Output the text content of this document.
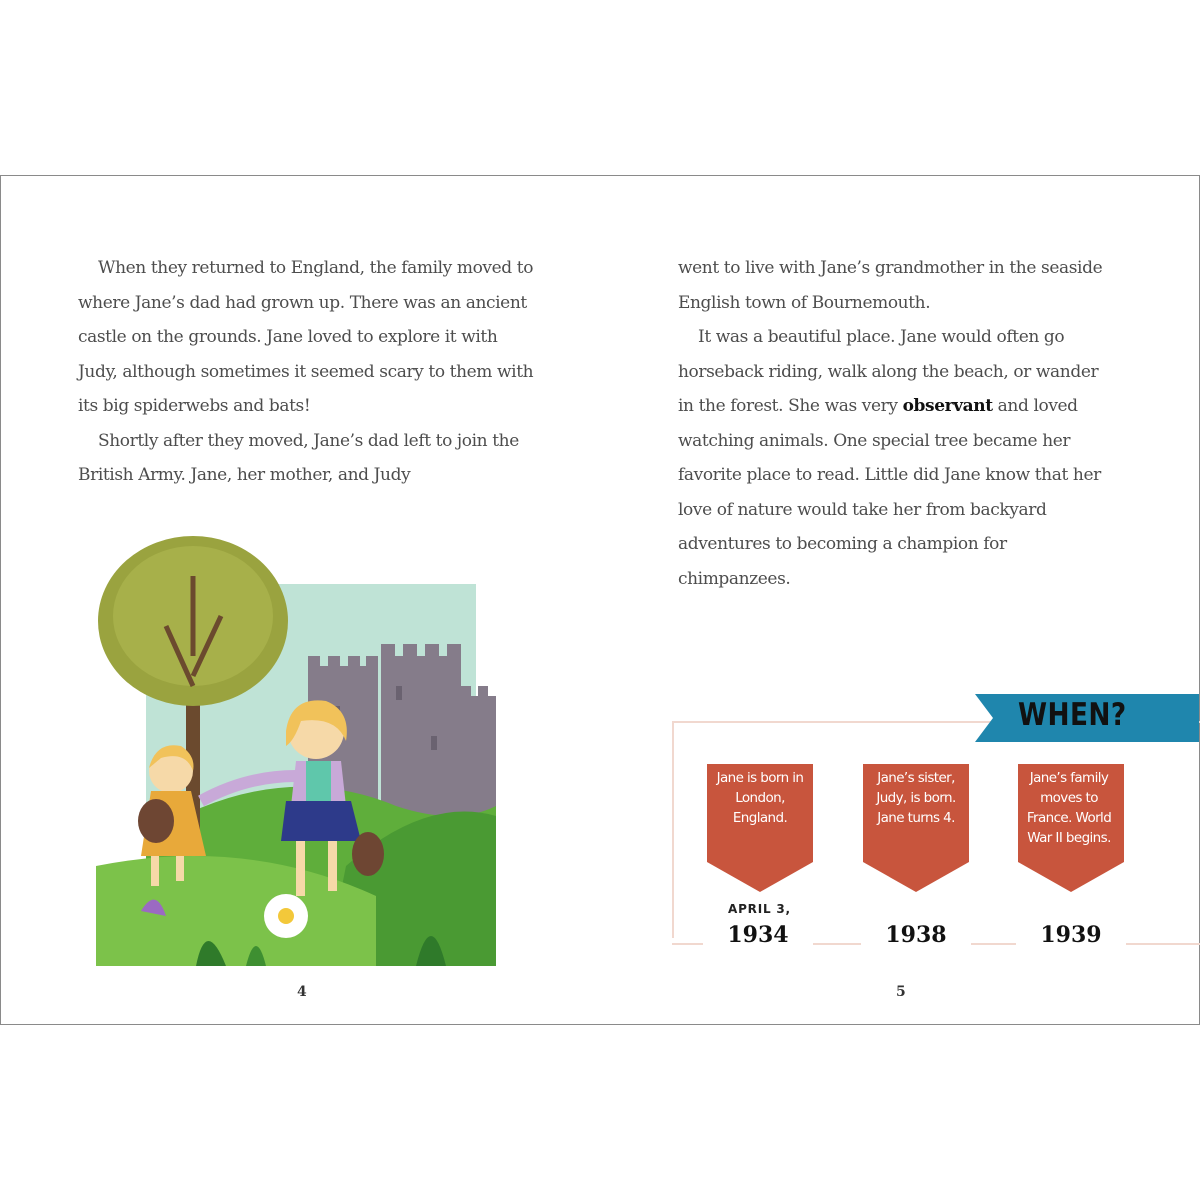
When they returned to England, the family moved to where Jane’s dad had grown up. There was an ancient castle on the grounds. Jane loved to explore it with Judy, although sometimes it seemed scary to them with its big spiderwebs and bats!

Shortly after they moved, Jane’s dad left to join the British Army. Jane, her mother, and Judy

4

went to live with Jane’s grandmother in the seaside English town of Bournemouth.

It was a beautiful place. Jane would often go horseback riding, walk along the beach, or wander in the forest. She was very observant and loved watching animals. One special tree became her favorite place to read. Little did Jane know that her love of nature would take her from backyard adventures to becoming a champion for chimpanzees.

WHEN?
Jane is born in London, England.
Jane’s sister, Judy, is born. Jane turns 4.
Jane’s family moves to France. World War II begins.
APRIL 3,
1934	1938	1939
5
